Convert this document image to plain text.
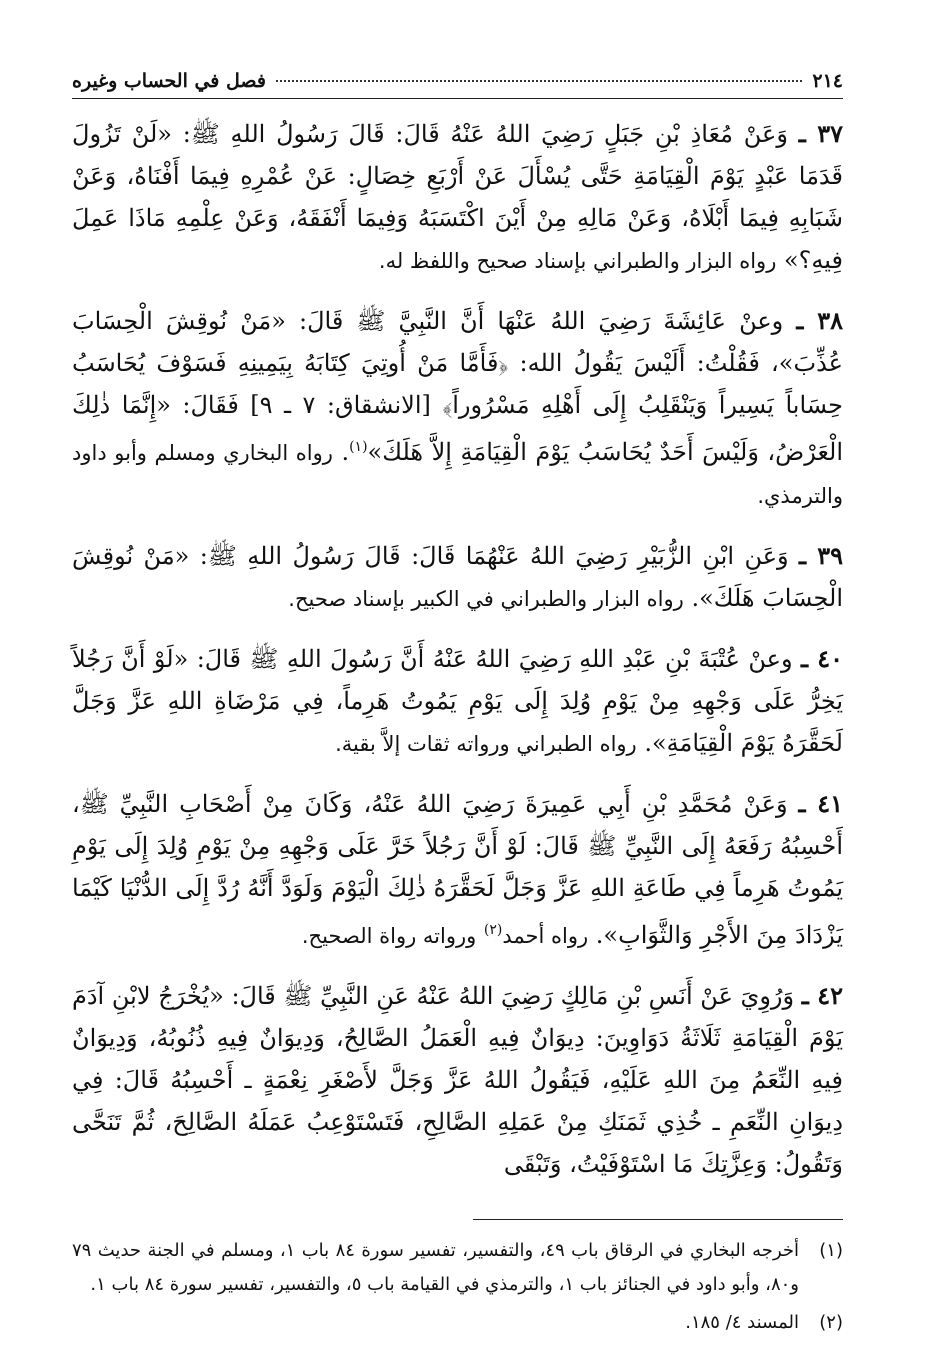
٢١٤
فصل في الحساب وغيره

٣٧ ـ وَعَنْ مُعَاذِ بْنِ جَبَلٍ رَضِيَ اللهُ عَنْهُ قَالَ: قَالَ رَسُولُ اللهِ ﷺ: «لَنْ تَزُولَ قَدَمَا عَبْدٍ يَوْمَ الْقِيَامَةِ حَتَّى يُسْأَلَ عَنْ أَرْبَعِ خِصَالٍ: عَنْ عُمْرِهِ فِيمَا أَفْنَاهُ، وَعَنْ شَبَابِهِ فِيمَا أَبْلَاهُ، وَعَنْ مَالِهِ مِنْ أَيْنَ اكْتَسَبَهُ وَفِيمَا أَنْفَقَهُ، وَعَنْ عِلْمِهِ مَاذَا عَمِلَ فِيهِ؟» رواه البزار والطبراني بإسناد صحيح واللفظ له.

٣٨ ـ وعنْ عَائِشَةَ رَضِيَ اللهُ عَنْهَا أَنَّ النَّبِيَّ ﷺ قَالَ: «مَنْ نُوقِشَ الْحِسَابَ عُذِّبَ»، فَقُلْتُ: أَلَيْسَ يَقُولُ الله: ﴿فَأَمَّا مَنْ أُوتِيَ كِتَابَهُ بِيَمِينِهِ فَسَوْفَ يُحَاسَبُ حِسَاباً يَسِيراً وَيَنْقَلِبُ إِلَى أَهْلِهِ مَسْرُوراً﴾ [الانشقاق: ٧ ـ ٩] فَقَالَ: «إِنَّمَا ذٰلِكَ الْعَرْضُ، وَلَيْسَ أَحَدٌ يُحَاسَبُ يَوْمَ الْقِيَامَةِ إِلاَّ هَلَكَ»$^{(١)}$. رواه البخاري ومسلم وأبو داود والترمذي.

٣٩ ـ وَعَنِ ابْنِ الزُّبَيْرِ رَضِيَ اللهُ عَنْهُمَا قَالَ: قَالَ رَسُولُ اللهِ ﷺ: «مَنْ نُوقِشَ الْحِسَابَ هَلَكَ». رواه البزار والطبراني في الكبير بإسناد صحيح.

٤٠ ـ وعنْ عُتْبَةَ بْنِ عَبْدِ اللهِ رَضِيَ اللهُ عَنْهُ أَنَّ رَسُولَ اللهِ ﷺ قَالَ: «لَوْ أَنَّ رَجُلاً يَخِرُّ عَلَى وَجْهِهِ مِنْ يَوْمِ وُلِدَ إِلَى يَوْمِ يَمُوتُ هَرِماً، فِي مَرْضَاةِ اللهِ عَزَّ وَجَلَّ لَحَقَّرَهُ يَوْمَ الْقِيَامَةِ». رواه الطبراني ورواته ثقات إلاَّ بقية.

٤١ ـ وَعَنْ مُحَمَّدِ بْنِ أَبِي عَمِيرَةَ رَضِيَ اللهُ عَنْهُ، وَكَانَ مِنْ أَصْحَابِ النَّبِيِّ ﷺ، أَحْسِبُهُ رَفَعَهُ إِلَى النَّبِيِّ ﷺ قَالَ: لَوْ أَنَّ رَجُلاً خَرَّ عَلَى وَجْهِهِ مِنْ يَوْمِ وُلِدَ إِلَى يَوْمِ يَمُوتُ هَرِماً فِي طَاعَةِ اللهِ عَزَّ وَجَلَّ لَحَقَّرَهُ ذٰلِكَ الْيَوْمَ وَلَوَدَّ أَنَّهُ رُدَّ إِلَى الدُّنْيَا كَيْمَا يَزْدَادَ مِنَ الأَجْرِ وَالثَّوَابِ». رواه أحمد$^{(٢)}$ ورواته رواة الصحيح.

٤٢ ـ وَرُوِيَ عَنْ أَنَسِ بْنِ مَالِكٍ رَضِيَ اللهُ عَنْهُ عَنِ النَّبِيِّ ﷺ قَالَ: «يُخْرَجُ لابْنِ آدَمَ يَوْمَ الْقِيَامَةِ ثَلَاثَةُ دَوَاوِينَ: دِيوَانٌ فِيهِ الْعَمَلُ الصَّالِحُ، وَدِيوَانٌ فِيهِ ذُنُوبُهُ، وَدِيوَانٌ فِيهِ النِّعَمُ مِنَ اللهِ عَلَيْهِ، فَيَقُولُ اللهُ عَزَّ وَجَلَّ لأَصْغَرِ نِعْمَةٍ ـ أَحْسِبُهُ قَالَ: فِي دِيوَانِ النِّعَمِ ـ خُذِي ثَمَنَكِ مِنْ عَمَلِهِ الصَّالِحِ، فَتَسْتَوْعِبُ عَمَلَهُ الصَّالِحَ، ثُمَّ تَنَحَّى وَتَقُولُ: وَعِزَّتِكَ مَا اسْتَوْفَيْتُ، وَتَبْقَى

(١)
أخرجه البخاري في الرقاق باب ٤٩، والتفسير، تفسير سورة ٨٤ باب ١، ومسلم في الجنة حديث ٧٩ و٨٠، وأبو داود في الجنائز باب ١، والترمذي في القيامة باب ٥، والتفسير، تفسير سورة ٨٤ باب ١.
(٢)
المسند ٤/ ١٨٥.
